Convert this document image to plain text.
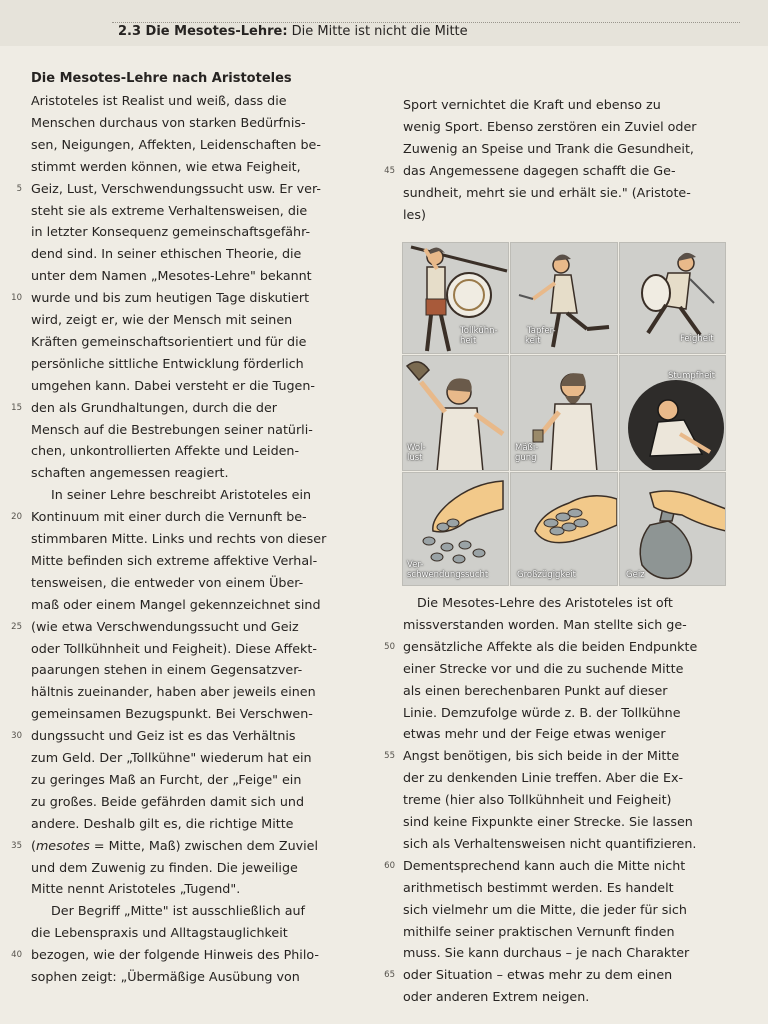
2.3 Die Mesotes-Lehre: Die Mitte ist nicht die Mitte
Die Mesotes-Lehre nach Aristoteles
Aristoteles ist Realist und weiß, dass die
Menschen durchaus von starken Bedürfnis-
sen, Neigungen, Affekten, Leidenschaften be-
stimmt werden können, wie etwa Feigheit,
Geiz, Lust, Verschwendungssucht usw. Er ver-
steht sie als extreme Verhaltensweisen, die
in letzter Konsequenz gemeinschaftsgefähr-
dend sind. In seiner ethischen Theorie, die
unter dem Namen „Mesotes-Lehre" bekannt
wurde und bis zum heutigen Tage diskutiert
wird, zeigt er, wie der Mensch mit seinen
Kräften gemeinschaftsorientiert und für die
persönliche sittliche Entwicklung förderlich
umgehen kann. Dabei versteht er die Tugen-
den als Grundhaltungen, durch die der
Mensch auf die Bestrebungen seiner natürli-
chen, unkontrollierten Affekte und Leiden-
schaften angemessen reagiert.
In seiner Lehre beschreibt Aristoteles ein
Kontinuum mit einer durch die Vernunft be-
stimmbaren Mitte. Links und rechts von dieser
Mitte befinden sich extreme affektive Verhal-
tensweisen, die entweder von einem Über-
maß oder einem Mangel gekennzeichnet sind
(wie etwa Verschwendungssucht und Geiz
oder Tollkühnheit und Feigheit). Diese Affekt-
paarungen stehen in einem Gegensatzver-
hältnis zueinander, haben aber jeweils einen
gemeinsamen Bezugspunkt. Bei Verschwen-
dungssucht und Geiz ist es das Verhältnis
zum Geld. Der „Tollkühne" wiederum hat ein
zu geringes Maß an Furcht, der „Feige" ein
zu großes. Beide gefährden damit sich und
andere. Deshalb gilt es, die richtige Mitte
(mesotes = Mitte, Maß) zwischen dem Zuviel
und dem Zuwenig zu finden. Die jeweilige
Mitte nennt Aristoteles „Tugend".
Der Begriff „Mitte" ist ausschließlich auf
die Lebenspraxis und Alltagstauglichkeit
bezogen, wie der folgende Hinweis des Philo-
sophen zeigt: „Übermäßige Ausübung von
5
10
15
20
25
30
35
40
Sport vernichtet die Kraft und ebenso zu
wenig Sport. Ebenso zerstören ein Zuviel oder
Zuwenig an Speise und Trank die Gesundheit,
das Angemessene dagegen schafft die Ge-
sundheit, mehrt sie und erhält sie." (Aristote-
les)
45
Tollkühn-
heit
Tapfer-
keit	Feigheit
Wol-
lust
Mäßi-
gung
Stumpfheit
Ver-
schwendungssucht	Großzügigkeit	Geiz
Die Mesotes-Lehre des Aristoteles ist oft
missverstanden worden. Man stellte sich ge-
gensätzliche Affekte als die beiden Endpunkte
einer Strecke vor und die zu suchende Mitte
als einen berechenbaren Punkt auf dieser
Linie. Demzufolge würde z. B. der Tollkühne
etwas mehr und der Feige etwas weniger
Angst benötigen, bis sich beide in der Mitte
der zu denkenden Linie treffen. Aber die Ex-
treme (hier also Tollkühnheit und Feigheit)
sind keine Fixpunkte einer Strecke. Sie lassen
sich als Verhaltensweisen nicht quantifizieren.
Dementsprechend kann auch die Mitte nicht
arithmetisch bestimmt werden. Es handelt
sich vielmehr um die Mitte, die jeder für sich
mithilfe seiner praktischen Vernunft finden
muss. Sie kann durchaus – je nach Charakter
oder Situation – etwas mehr zu dem einen
oder anderen Extrem neigen.
50
55
60
65
